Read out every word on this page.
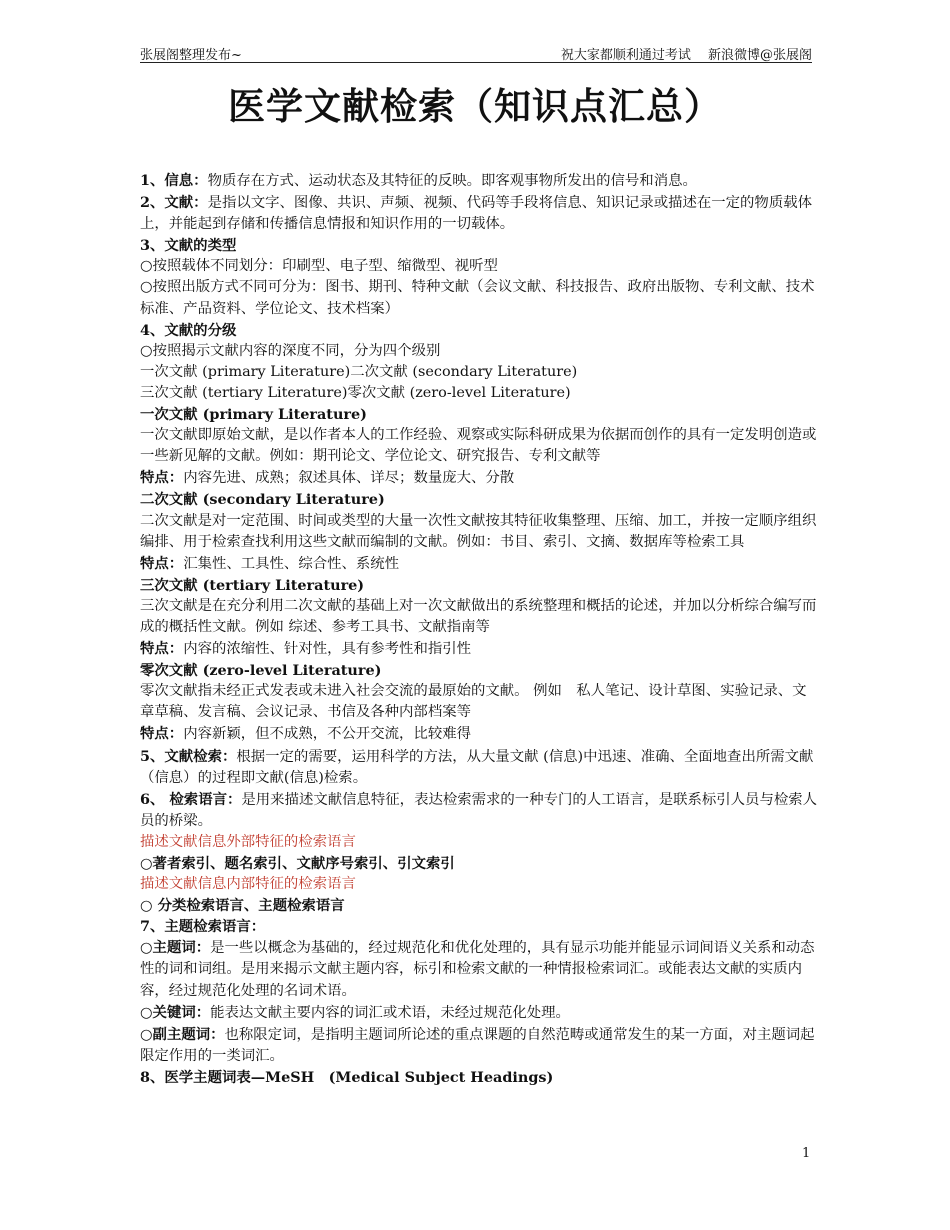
张展阁整理发布~	祝大家都顺利通过考试　 新浪微博@张展阁
医学文献检索（知识点汇总）

1、信息：物质存在方式、运动状态及其特征的反映。即客观事物所发出的信号和消息。

2、文献：是指以文字、图像、共识、声频、视频、代码等手段将信息、知识记录或描述在一定的物质载体上，并能起到存储和传播信息情报和知识作用的一切载体。

3、文献的类型

○按照载体不同划分：印刷型、电子型、缩微型、视听型

○按照出版方式不同可分为：图书、期刊、特种文献（会议文献、科技报告、政府出版物、专利文献、技术标准、产品资料、学位论文、技术档案）

4、文献的分级

○按照揭示文献内容的深度不同，分为四个级别

一次文献 (primary Literature)二次文献 (secondary Literature)

三次文献 (tertiary Literature)零次文献 (zero-level Literature)

一次文献 (primary Literature)

一次文献即原始文献，是以作者本人的工作经验、观察或实际科研成果为依据而创作的具有一定发明创造或一些新见解的文献。例如：期刊论文、学位论文、研究报告、专利文献等

特点：内容先进、成熟；叙述具体、详尽；数量庞大、分散

二次文献 (secondary Literature)

二次文献是对一定范围、时间或类型的大量一次性文献按其特征收集整理、压缩、加工，并按一定顺序组织编排、用于检索查找利用这些文献而编制的文献。例如：书目、索引、文摘、数据库等检索工具

特点：汇集性、工具性、综合性、系统性

三次文献 (tertiary Literature)

三次文献是在充分利用二次文献的基础上对一次文献做出的系统整理和概括的论述，并加以分析综合编写而成的概括性文献。例如 综述、参考工具书、文献指南等

特点：内容的浓缩性、针对性，具有参考性和指引性

零次文献 (zero-level Literature)

零次文献指未经正式发表或未进入社会交流的最原始的文献。 例如　私人笔记、设计草图、实验记录、文章草稿、发言稿、会议记录、书信及各种内部档案等

特点：内容新颖，但不成熟，不公开交流，比较难得

5、文献检索：根据一定的需要，运用科学的方法，从大量文献 (信息)中迅速、准确、全面地查出所需文献（信息）的过程即文献(信息)检索。

6、 检索语言：是用来描述文献信息特征，表达检索需求的一种专门的人工语言，是联系标引人员与检索人员的桥梁。

描述文献信息外部特征的检索语言

○著者索引、题名索引、文献序号索引、引文索引

描述文献信息内部特征的检索语言

○ 分类检索语言、主题检索语言

7、主题检索语言：

○主题词：是一些以概念为基础的，经过规范化和优化处理的，具有显示功能并能显示词间语义关系和动态性的词和词组。是用来揭示文献主题内容，标引和检索文献的一种情报检索词汇。或能表达文献的实质内容，经过规范化处理的名词术语。

○关键词：能表达文献主要内容的词汇或术语，未经过规范化处理。

○副主题词：也称限定词，是指明主题词所论述的重点课题的自然范畴或通常发生的某一方面，对主题词起限定作用的一类词汇。

8、医学主题词表—MeSH　(Medical Subject Headings)

1
